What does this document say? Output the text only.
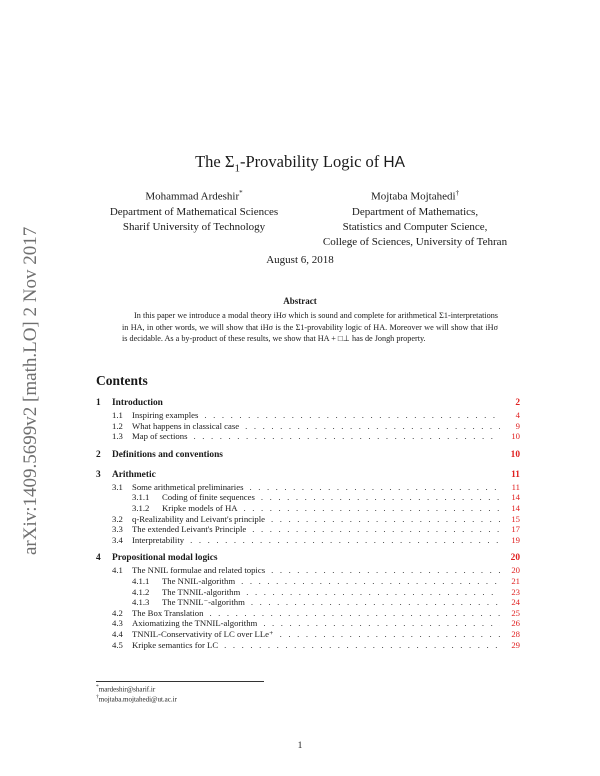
arXiv:1409.5699v2 [math.LO] 2 Nov 2017
The $\Sigma_1$-Provability Logic of HA
Mohammad Ardeshir*
Department of Mathematical Sciences
Sharif University of Technology
Mojtaba Mojtahedi†
Department of Mathematics,
Statistics and Computer Science,
College of Sciences, University of Tehran
August 6, 2018
Abstract
In this paper we introduce a modal theory iHσ which is sound and complete for arithmetical Σ1-interpretations in HA, in other words, we will show that iHσ is the Σ1-provability logic of HA. Moreover we will show that iHσ is decidable. As a by-product of these results, we show that HA + □⊥ has de Jongh property.
Contents
1	Introduction	2
1.1	Inspiring examples . . .	4
1.2	What happens in classical case . . .	9
1.3	Map of sections . . .	10
2	Definitions and conventions	10
3	Arithmetic	11
3.1	Some arithmetical preliminaries . . .	11
3.1.1	Coding of finite sequences . . .	14
3.1.2	Kripke models of HA . . .	14
3.2	q-Realizability and Leivant's principle . . .	15
3.3	The extended Leivant's Principle . . .	17
3.4	Interpretability . . .	19
4	Propositional modal logics	20
4.1	The NNIL formulae and related topics . . .	20
4.1.1	The NNIL-algorithm . . .	21
4.1.2	The TNNIL-algorithm . . .	23
4.1.3	The TNNIL⁻-algorithm . . .	24
4.2	The Box Translation . . .	25
4.3	Axiomatizing the TNNIL-algorithm . . .	26
4.4	TNNIL-Conservativity of LC over LLe⁺ . . .	28
4.5	Kripke semantics for LC . . .	29
*mardeshir@sharif.ir
†mojtaba.mojtahedi@ut.ac.ir
1
